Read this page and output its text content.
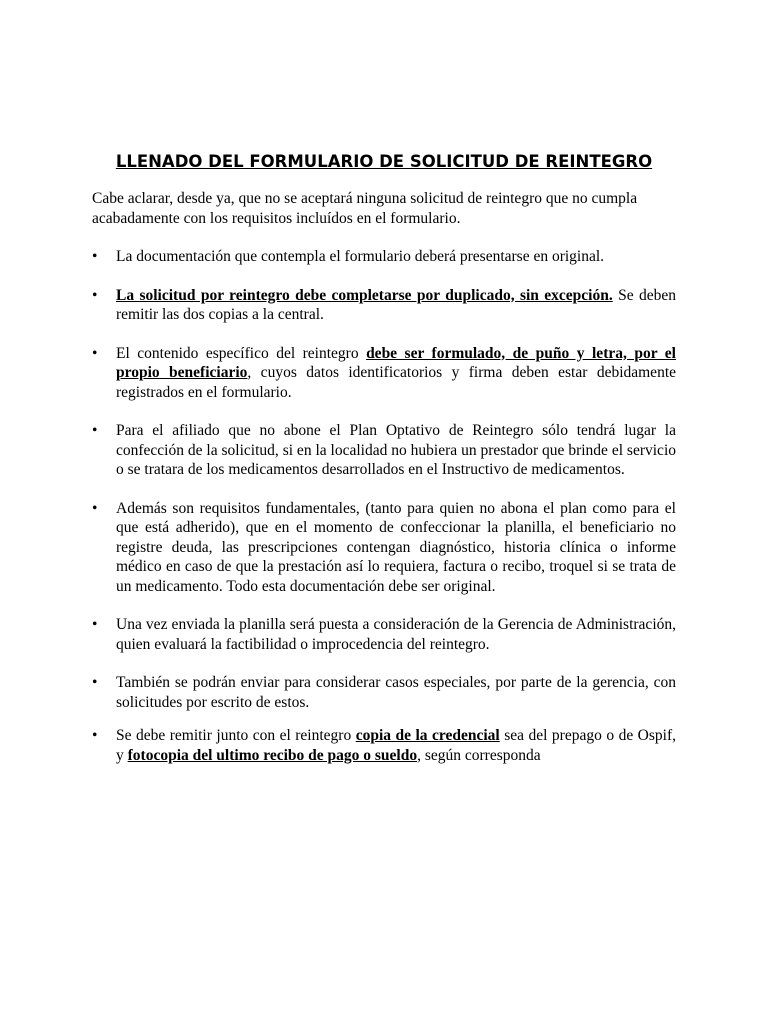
LLENADO DEL FORMULARIO DE SOLICITUD DE REINTEGRO

Cabe aclarar, desde ya, que no se aceptará ninguna solicitud de reintegro que no cumpla acabadamente con los requisitos incluídos en el formulario.

• La documentación que contempla el formulario deberá presentarse en original.
• La solicitud por reintegro debe completarse por duplicado, sin excepción. Se deben remitir las dos copias a la central.
• El contenido específico del reintegro debe ser formulado, de puño y letra, por el propio beneficiario, cuyos datos identificatorios y firma deben estar debidamente registrados en el formulario.
• Para el afiliado que no abone el Plan Optativo de Reintegro sólo tendrá lugar la confección de la solicitud, si en la localidad no hubiera un prestador que brinde el servicio o se tratara de los medicamentos desarrollados en el Instructivo de medicamentos.
• Además son requisitos fundamentales, (tanto para quien no abona el plan como para el que está adherido), que en el momento de confeccionar la planilla, el beneficiario no registre deuda, las prescripciones contengan diagnóstico, historia clínica o informe médico en caso de que la prestación así lo requiera, factura o recibo, troquel si se trata de un medicamento. Todo esta documentación debe ser original.
• Una vez enviada la planilla será puesta a consideración de la Gerencia de Administración, quien evaluará la factibilidad o improcedencia del reintegro.
• También se podrán enviar para considerar casos especiales, por parte de la gerencia, con solicitudes por escrito de estos.
• Se debe remitir junto con el reintegro copia de la credencial sea del prepago o de Ospif, y fotocopia del ultimo recibo de pago o sueldo, según corresponda
